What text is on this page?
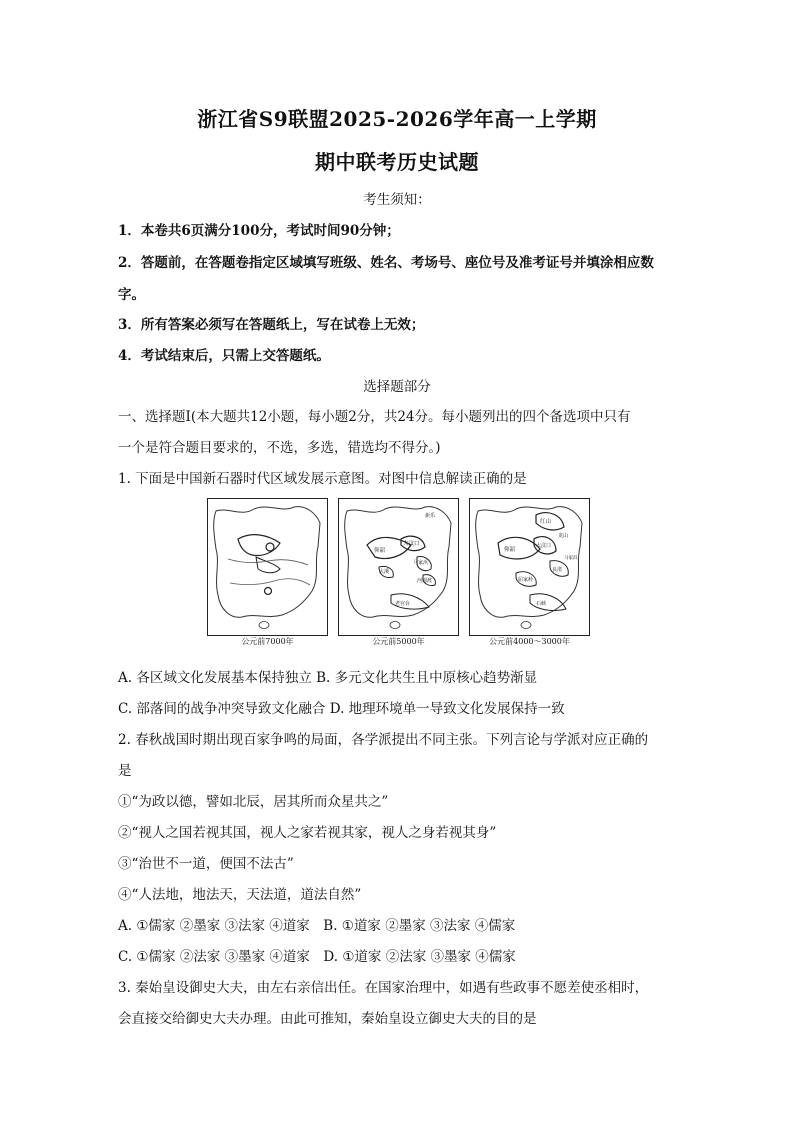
浙江省S9联盟2025-2026学年高一上学期
期中联考历史试题
考生须知：
1．本卷共6页满分100分，考试时间90分钟；
2．答题前，在答题卷指定区域填写班级、姓名、考场号、座位号及准考证号并填涂相应数
字。
3．所有答案必须写在答题纸上，写在试卷上无效；
4．考试结束后，只需上交答题纸。
选择题部分
一、选择题Ⅰ(本大题共12小题，每小题2分，共24分。每小题列出的四个备选项中只有
一个是符合题目要求的，不选，多选，错选均不得分。)
1. 下面是中国新石器时代区域发展示意图。对图中信息解读正确的是
公元前7000年
仰韶
大汶口
马家浜
河姆渡
大溪
老官台
新乐
公元前5000年
红山
仰韶
大汶口
龙山
良渚
屈家岭
石峡
马家浜
公元前4000～3000年
A. 各区域文化发展基本保持独立 B. 多元文化共生且中原核心趋势渐显
C. 部落间的战争冲突导致文化融合 D. 地理环境单一导致文化发展保持一致
2. 春秋战国时期出现百家争鸣的局面，各学派提出不同主张。下列言论与学派对应正确的
是
①“为政以德，譬如北辰，居其所而众星共之”
②“视人之国若视其国，视人之家若视其家，视人之身若视其身”
③“治世不一道，便国不法古”
④“人法地，地法天，天法道，道法自然”
A. ①儒家 ②墨家 ③法家 ④道家　B. ①道家 ②墨家 ③法家 ④儒家
C. ①儒家 ②法家 ③墨家 ④道家　D. ①道家 ②法家 ③墨家 ④儒家
3. 秦始皇设御史大夫，由左右亲信出任。在国家治理中，如遇有些政事不愿差使丞相时，
会直接交给御史大夫办理。由此可推知，秦始皇设立御史大夫的目的是
